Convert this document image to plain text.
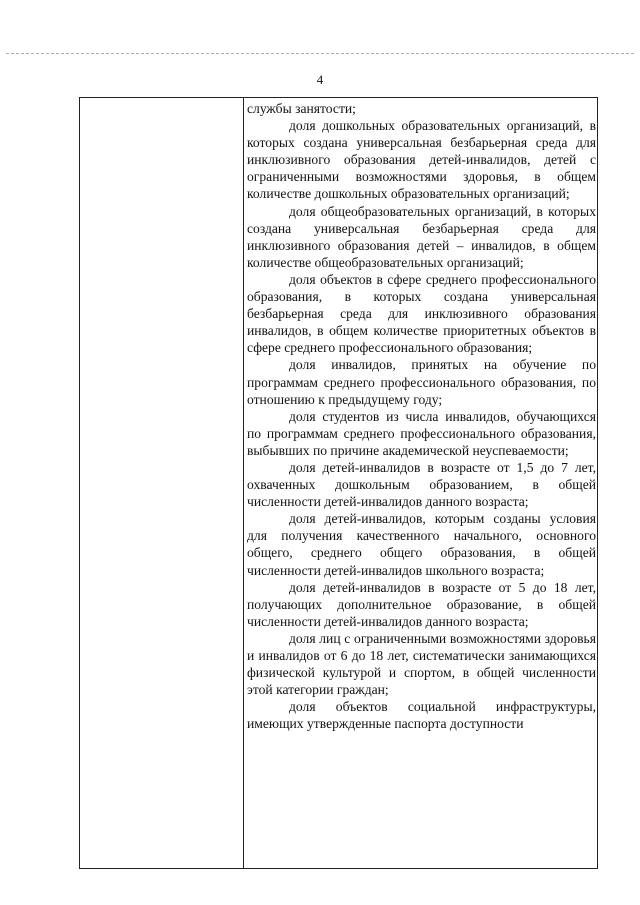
4

службы занятости;

доля дошкольных образовательных организаций, в которых создана универсальная безбарьерная среда для инклюзивного образования детей-инвалидов, детей с ограниченными возможностями здоровья, в общем количестве дошкольных образовательных организаций;

доля общеобразовательных организаций, в которых создана универсальная безбарьерная среда для инклюзивного образования детей – инвалидов, в общем количестве общеобразовательных организаций;

доля объектов в сфере среднего профессионального образования, в которых создана универсальная безбарьерная среда для инклюзивного образования инвалидов, в общем количестве приоритетных объектов в сфере среднего профессионального образования;

доля инвалидов, принятых на обучение по программам среднего профессионального образования, по отношению к предыдущему году;

доля студентов из числа инвалидов, обучающихся по программам среднего профессионального образования, выбывших по причине академической неуспеваемости;

доля детей-инвалидов в возрасте от 1,5 до 7 лет, охваченных дошкольным образованием, в общей численности детей-инвалидов данного возраста;

доля детей-инвалидов, которым созданы условия для получения качественного начального, основного общего, среднего общего образования, в общей численности детей-инвалидов школьного возраста;

доля детей-инвалидов в возрасте от 5 до 18 лет, получающих дополнительное образование, в общей численности детей-инвалидов данного возраста;

доля лиц с ограниченными возможностями здоровья и инвалидов от 6 до 18 лет, систематически занимающихся физической культурой и спортом, в общей численности этой категории граждан;

доля объектов социальной инфраструктуры, имеющих утвержденные паспорта доступности
